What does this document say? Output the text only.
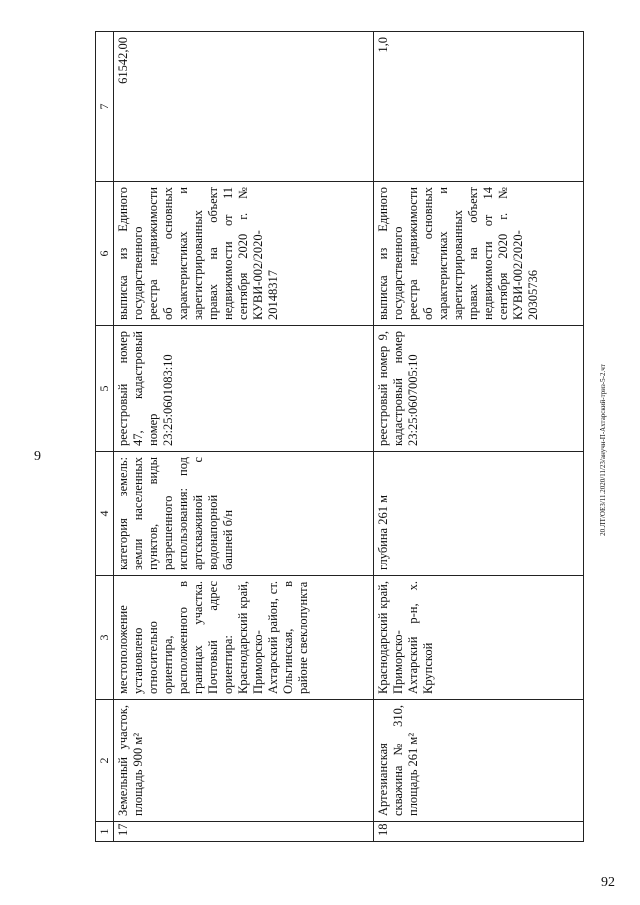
9
92
20.ЛТ/ОЕЗ/11.2020/11/23/анучн-П-Ахтарский-триз-5-2.чт
1	2	3	4	5	6	7
17	Земельный участок, площадь 900 м²	местоположение установлено относительно ориентира, расположенного в границах участка. Почтовый адрес ориентира: Краснодарский край, Приморско-Ахтарский район, ст. Ольгинская, в районе свеклопункта	категория земель: земли населенных пунктов, виды разрешенного использования: под артскважиной с водонапорной башней б/н	реестровый номер 47, кадастровый номер 23:25:0601083:10	выписка из Единого государственного реестра недвижимости об основных характеристиках и зарегистрированных правах на объект недвижимости от 11 сентября 2020 г. № КУВИ-002/2020-20148317	61542,00
18	Артезианская скважина № 310, площадь 261 м²	Краснодарский край, Приморско-Ахтарский р-н, х. Крупской	глубина 261 м	реестровый номер 9, кадастровый номер 23:25:0607005:10	выписка из Единого государственного реестра недвижимости об основных характеристиках и зарегистрированных правах на объект недвижимости от 14 сентября 2020 г. № КУВИ-002/2020-20305736	1,0
